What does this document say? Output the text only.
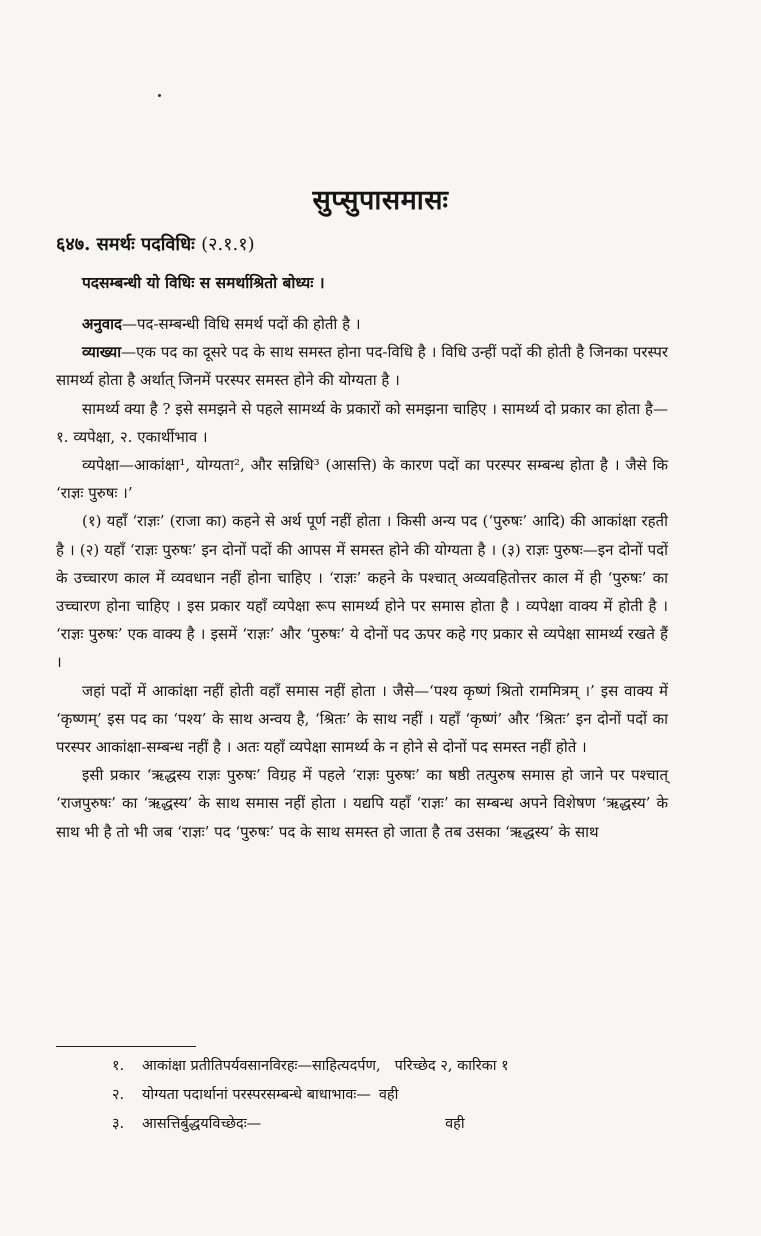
सुप्सुपासमासः
६४७. समर्थः पदविधिः (२.१.१)
पदसम्बन्धी यो विधिः स समर्थाश्रितो बोध्यः ।

अनुवाद—पद-सम्बन्धी विधि समर्थ पदों की होती है ।

व्याख्या—एक पद का दूसरे पद के साथ समस्त होना पद-विधि है । विधि उन्हीं पदों की होती है जिनका परस्पर सामर्थ्य होता है अर्थात् जिनमें परस्पर समस्त होने की योग्यता है ।

सामर्थ्य क्या है ? इसे समझने से पहले सामर्थ्य के प्रकारों को समझना चाहिए । सामर्थ्य दो प्रकार का होता है—१. व्यपेक्षा, २. एकार्थीभाव ।

व्यपेक्षा—आकांक्षा¹, योग्यता², और सन्निधि³ (आसत्ति) के कारण पदों का परस्पर सम्बन्ध होता है । जैसे कि ‘राज्ञः पुरुषः ।’

(१) यहाँ ‘राज्ञः’ (राजा का) कहने से अर्थ पूर्ण नहीं होता । किसी अन्य पद (‘पुरुषः’ आदि) की आकांक्षा रहती है । (२) यहाँ ‘राज्ञः पुरुषः’ इन दोनों पदों की आपस में समस्त होने की योग्यता है । (३) राज्ञः पुरुषः—इन दोनों पदों के उच्चारण काल में व्यवधान नहीं होना चाहिए । ‘राज्ञः’ कहने के पश्चात् अव्यवहितोत्तर काल में ही ‘पुरुषः’ का उच्चारण होना चाहिए । इस प्रकार यहाँ व्यपेक्षा रूप सामर्थ्य होने पर समास होता है । व्यपेक्षा वाक्य में होती है । ‘राज्ञः पुरुषः’ एक वाक्य है । इसमें ‘राज्ञः’ और ‘पुरुषः’ ये दोनों पद ऊपर कहे गए प्रकार से व्यपेक्षा सामर्थ्य रखते हैं ।

जहां पदों में आकांक्षा नहीं होती वहाँ समास नहीं होता । जैसे—‘पश्य कृष्णं श्रितो राममित्रम् ।’ इस वाक्य में ‘कृष्णम्’ इस पद का ‘पश्य’ के साथ अन्वय है, ‘श्रितः’ के साथ नहीं । यहाँ ‘कृष्णं’ और ‘श्रितः’ इन दोनों पदों का परस्पर आकांक्षा-सम्बन्ध नहीं है । अतः यहाँ व्यपेक्षा सामर्थ्य के न होने से दोनों पद समस्त नहीं होते ।

इसी प्रकार ‘ऋद्धस्य राज्ञः पुरुषः’ विग्रह में पहले ‘राज्ञः पुरुषः’ का षष्ठी तत्पुरुष समास हो जाने पर पश्चात् ‘राजपुरुषः’ का ‘ऋद्धस्य’ के साथ समास नहीं होता । यद्यपि यहाँ ‘राज्ञः’ का सम्बन्ध अपने विशेषण ‘ऋद्धस्य’ के साथ भी है तो भी जब ‘राज्ञः’ पद ‘पुरुषः’ पद के साथ समस्त हो जाता है तब उसका ‘ऋद्धस्य’ के साथ

१.	आकांक्षा प्रतीतिपर्यवसानविरहः—साहित्यदर्पण, परिच्छेद २, कारिका १
२.	योग्यता पदार्थानां परस्परसम्बन्धे बाधाभावः— वही
३.	आसत्तिर्बुद्धयविच्छेदः—	वही
